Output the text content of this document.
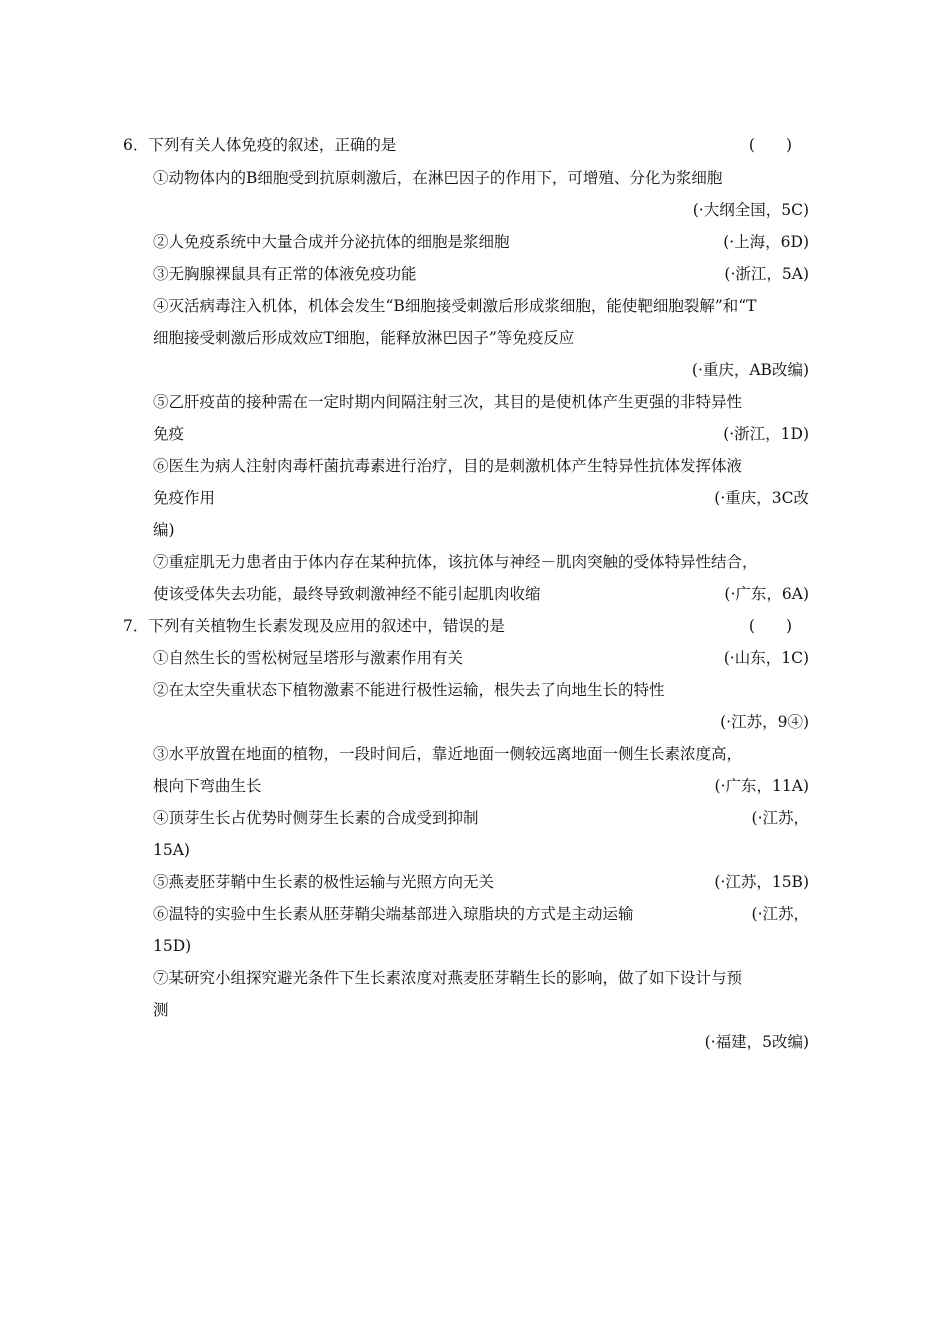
6．下列有关人体免疫的叙述，正确的是	(　　)
①动物体内的B细胞受到抗原刺激后，在淋巴因子的作用下，可增殖、分化为浆细胞
(·大纲全国，5C)
②人免疫系统中大量合成并分泌抗体的细胞是浆细胞	(·上海，6D)
③无胸腺裸鼠具有正常的体液免疫功能	(·浙江，5A)
④灭活病毒注入机体，机体会发生“B细胞接受刺激后形成浆细胞，能使靶细胞裂解”和“T
细胞接受刺激后形成效应T细胞，能释放淋巴因子”等免疫反应
(·重庆，AB改编)
⑤乙肝疫苗的接种需在一定时期内间隔注射三次，其目的是使机体产生更强的非特异性
免疫	(·浙江，1D)
⑥医生为病人注射肉毒杆菌抗毒素进行治疗，目的是刺激机体产生特异性抗体发挥体液
免疫作用	(·重庆，3C改
编)
⑦重症肌无力患者由于体内存在某种抗体，该抗体与神经－肌肉突触的受体特异性结合，
使该受体失去功能，最终导致刺激神经不能引起肌肉收缩	(·广东，6A)
7．下列有关植物生长素发现及应用的叙述中，错误的是	(　　)
①自然生长的雪松树冠呈塔形与激素作用有关	(·山东，1C)
②在太空失重状态下植物激素不能进行极性运输，根失去了向地生长的特性
(·江苏，9④)
③水平放置在地面的植物，一段时间后，靠近地面一侧较远离地面一侧生长素浓度高，
根向下弯曲生长	(·广东，11A)
④顶芽生长占优势时侧芽生长素的合成受到抑制	(·江苏，
15A)
⑤燕麦胚芽鞘中生长素的极性运输与光照方向无关	(·江苏，15B)
⑥温特的实验中生长素从胚芽鞘尖端基部进入琼脂块的方式是主动运输	(·江苏，
15D)
⑦某研究小组探究避光条件下生长素浓度对燕麦胚芽鞘生长的影响，做了如下设计与预
测
(·福建，5改编)
